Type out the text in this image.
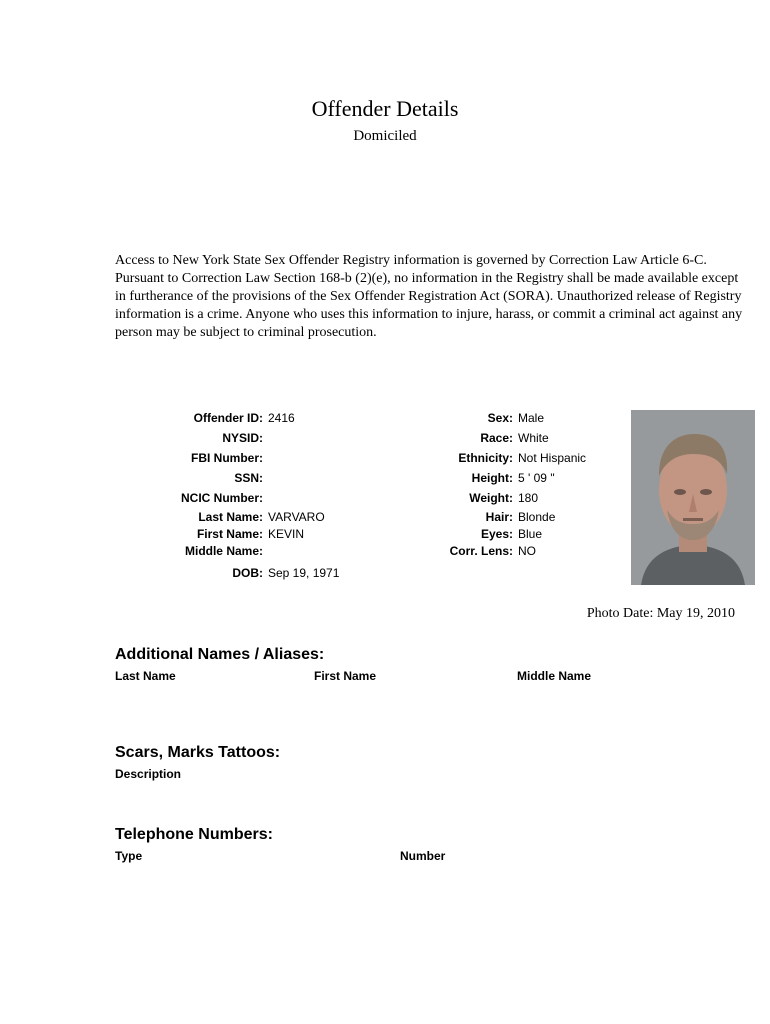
Offender Details
Domiciled
Access to New York State Sex Offender Registry information is governed by Correction Law Article 6-C. Pursuant to Correction Law Section 168-b (2)(e), no information in the Registry shall be made available except in furtherance of the provisions of the Sex Offender Registration Act (SORA). Unauthorized release of Registry information is a crime. Anyone who uses this information to injure, harass, or commit a criminal act against any person may be subject to criminal prosecution.
Offender ID: 2416
NYSID:
FBI Number:
SSN:
NCIC Number:
Last Name: VARVARO
First Name: KEVIN
Middle Name:
DOB: Sep 19, 1971
Sex: Male
Race: White
Ethnicity: Not Hispanic
Height: 5 ' 09 "
Weight: 180
Hair: Blonde
Eyes: Blue
Corr. Lens: NO
Photo Date: May 19, 2010
Additional Names / Aliases:
Last Name	First Name	Middle Name
Scars, Marks Tattoos:
Description
Telephone Numbers:
Type	Number
